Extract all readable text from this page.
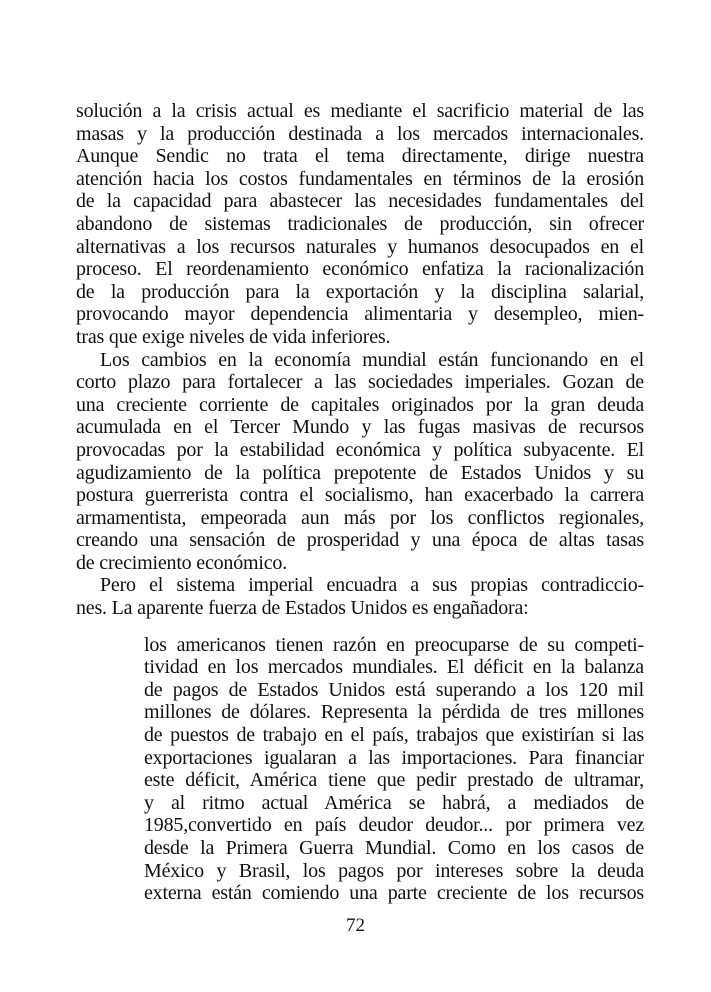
solución a la crisis actual es mediante el sacrificio material de las
masas y la producción destinada a los mercados internacionales.
Aunque Sendic no trata el tema directamente, dirige nuestra
atención hacia los costos fundamentales en términos de la erosión
de la capacidad para abastecer las necesidades fundamentales del
abandono de sistemas tradicionales de producción, sin ofrecer
alternativas a los recursos naturales y humanos desocupados en el
proceso. El reordenamiento económico enfatiza la racionalización
de la producción para la exportación y la disciplina salarial,
provocando mayor dependencia alimentaria y desempleo, mien-
tras que exige niveles de vida inferiores.
Los cambios en la economía mundial están funcionando en el
corto plazo para fortalecer a las sociedades imperiales. Gozan de
una creciente corriente de capitales originados por la gran deuda
acumulada en el Tercer Mundo y las fugas masivas de recursos
provocadas por la estabilidad económica y política subyacente. El
agudizamiento de la política prepotente de Estados Unidos y su
postura guerrerista contra el socialismo, han exacerbado la carrera
armamentista, empeorada aun más por los conflictos regionales,
creando una sensación de prosperidad y una época de altas tasas
de crecimiento económico.
Pero el sistema imperial encuadra a sus propias contradiccio-
nes. La aparente fuerza de Estados Unidos es engañadora:
los americanos tienen razón en preocuparse de su competi-
tividad en los mercados mundiales. El déficit en la balanza
de pagos de Estados Unidos está superando a los 120 mil
millones de dólares. Representa la pérdida de tres millones
de puestos de trabajo en el país, trabajos que existirían si las
exportaciones igualaran a las importaciones. Para financiar
este déficit, América tiene que pedir prestado de ultramar,
y al ritmo actual América se habrá, a mediados de
1985,convertido en país deudor deudor... por primera vez
desde la Primera Guerra Mundial. Como en los casos de
México y Brasil, los pagos por intereses sobre la deuda
externa están comiendo una parte creciente de los recursos
72
